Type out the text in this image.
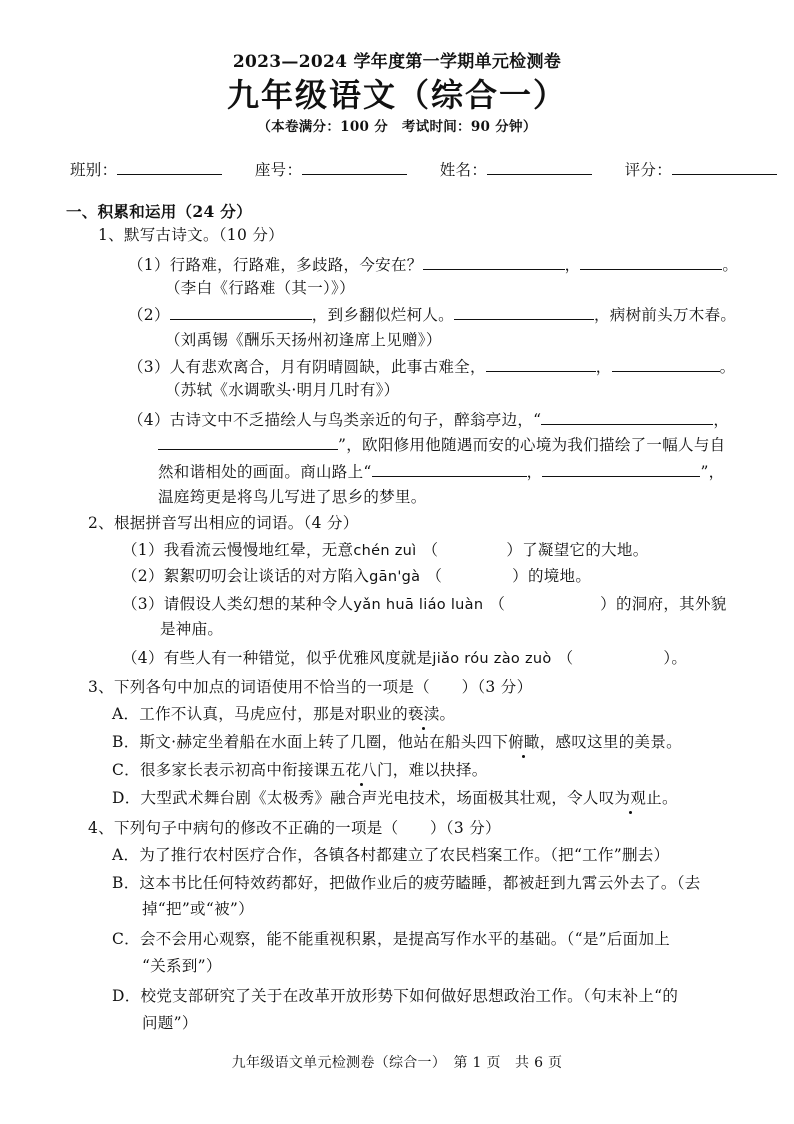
2023—2024 学年度第一学期单元检测卷
九年级语文（综合一）
（本卷满分：100 分　考试时间：90 分钟）
班别：	座号：	姓名：	评分：
一、积累和运用（24 分）
1、默写古诗文。（10 分）
（1）行路难，行路难，多歧路，今安在？	，	。
（李白《行路难（其一）》）
（2）	，到乡翻似烂柯人。	，病树前头万木春。
（刘禹锡《酬乐天扬州初逢席上见赠》）
（3）人有悲欢离合，月有阴晴圆缺，此事古难全，	，	。
（苏轼《水调歌头·明月几时有》）
（4）古诗文中不乏描绘人与鸟类亲近的句子，醉翁亭边，“	，
”，欧阳修用他随遇而安的心境为我们描绘了一幅人与自
然和谐相处的画面。商山路上“	，	”，
温庭筠更是将鸟儿写进了思乡的梦里。
2、根据拼音写出相应的词语。（4 分）
（1）我看流云慢慢地红晕，无意chén zuì （	）了凝望它的大地。
（2）絮絮叨叨会让谈话的对方陷入gān'gà （	）的境地。
（3）请假设人类幻想的某种令人yǎn huā liáo luàn （	）的洞府，其外貌
是神庙。
（4）有些人有一种错觉，似乎优雅风度就是jiǎo róu zào zuò （	）。
3、下列各句中加点的词语使用不恰当的一项是（　　）（3 分）
A．工作不认真，马虎应付，那是对职业的亵渎。
B．斯文·赫定坐着船在水面上转了几圈，他站在船头四下俯瞰，感叹这里的美景。
C．很多家长表示初高中衔接课五花八门，难以抉择。
D．大型武术舞台剧《太极秀》融合声光电技术，场面极其壮观，令人叹为观止。
4、下列句子中病句的修改不正确的一项是（　　）（3 分）
A．为了推行农村医疗合作，各镇各村都建立了农民档案工作。（把“工作”删去）
B．这本书比任何特效药都好，把做作业后的疲劳瞌睡，都被赶到九霄云外去了。（去
掉“把”或“被”）
C．会不会用心观察，能不能重视积累，是提高写作水平的基础。（“是”后面加上
“关系到”）
D．校党支部研究了关于在改革开放形势下如何做好思想政治工作。（句末补上“的
问题”）
九年级语文单元检测卷（综合一）　第 1 页　共 6 页
